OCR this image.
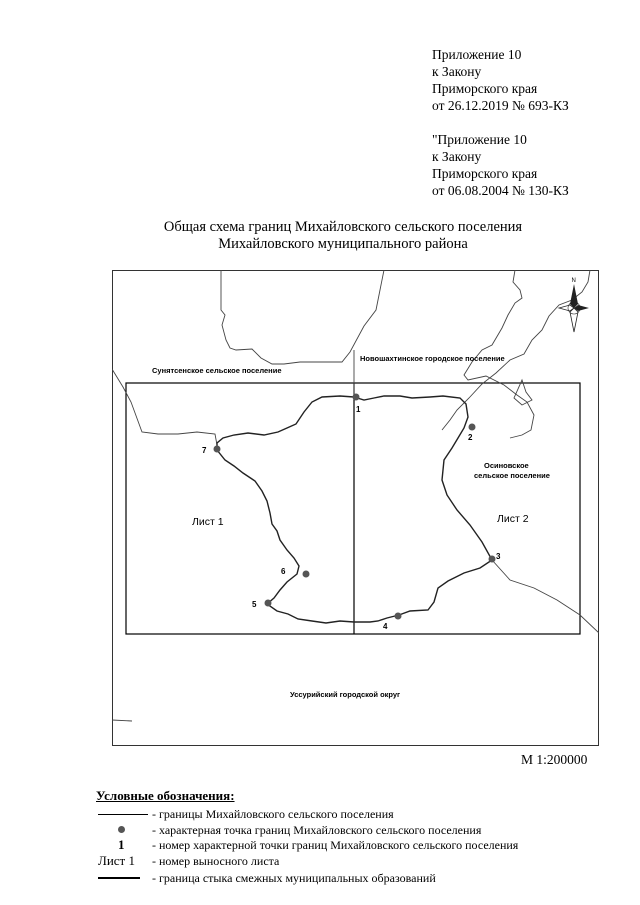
Приложение 10
к Закону
Приморского края
от 26.12.2019 № 693-КЗ
"Приложение 10
к Закону
Приморского края
от 06.08.2004 № 130-КЗ
Общая схема границ Михайловского сельского поселения
Михайловского муниципального района
1
2
3
4
5
6
7
Сунятсенское сельское поселение
Новошахтинское городское поселение
Осиновское
сельское поселение
Уссурийский городской округ
Лист 1	Лист 2
N
М 1:200000
Условные обозначения:
- границы Михайловского сельского поселения
- характерная точка границ Михайловского сельского поселения
1 - номер характерной точки границ Михайловского сельского поселения
Лист 1 - номер выносного листа
- граница стыка смежных муниципальных образований
